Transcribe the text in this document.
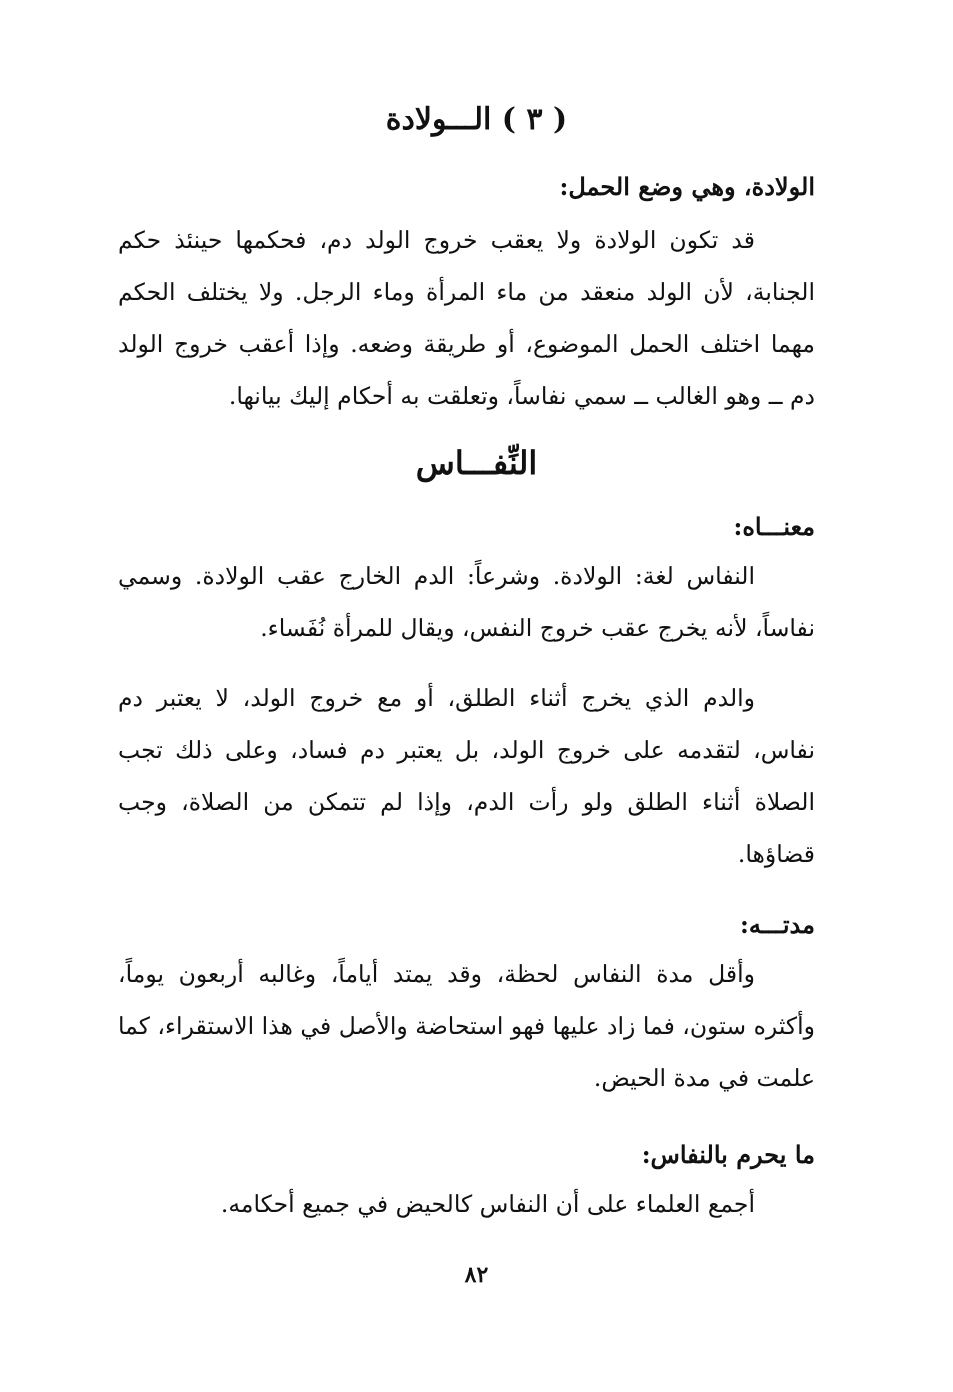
( ٣ ) الـــولادة
الولادة، وهي وضع الحمل:
قد تكون الولادة ولا يعقب خروج الولد دم، فحكمها حينئذ حكم الجنابة، لأن الولد منعقد من ماء المرأة وماء الرجل. ولا يختلف الحكم مهما اختلف الحمل الموضوع، أو طريقة وضعه. وإذا أعقب خروج الولد دم ــ وهو الغالب ــ سمي نفاساً، وتعلقت به أحكام إليك بيانها.
النِّفـــاس
معنـــاه:
النفاس لغة: الولادة. وشرعاً: الدم الخارج عقب الولادة. وسمي نفاساً، لأنه يخرج عقب خروج النفس، ويقال للمرأة نُفَساء.
والدم الذي يخرج أثناء الطلق، أو مع خروج الولد، لا يعتبر دم نفاس، لتقدمه على خروج الولد، بل يعتبر دم فساد، وعلى ذلك تجب الصلاة أثناء الطلق ولو رأت الدم، وإذا لم تتمكن من الصلاة، وجب قضاؤها.
مدتـــه:
وأقل مدة النفاس لحظة، وقد يمتد أياماً، وغالبه أربعون يوماً، وأكثره ستون، فما زاد عليها فهو استحاضة والأصل في هذا الاستقراء، كما علمت في مدة الحيض.
ما يحرم بالنفاس:
أجمع العلماء على أن النفاس كالحيض في جميع أحكامه.
٨٢
